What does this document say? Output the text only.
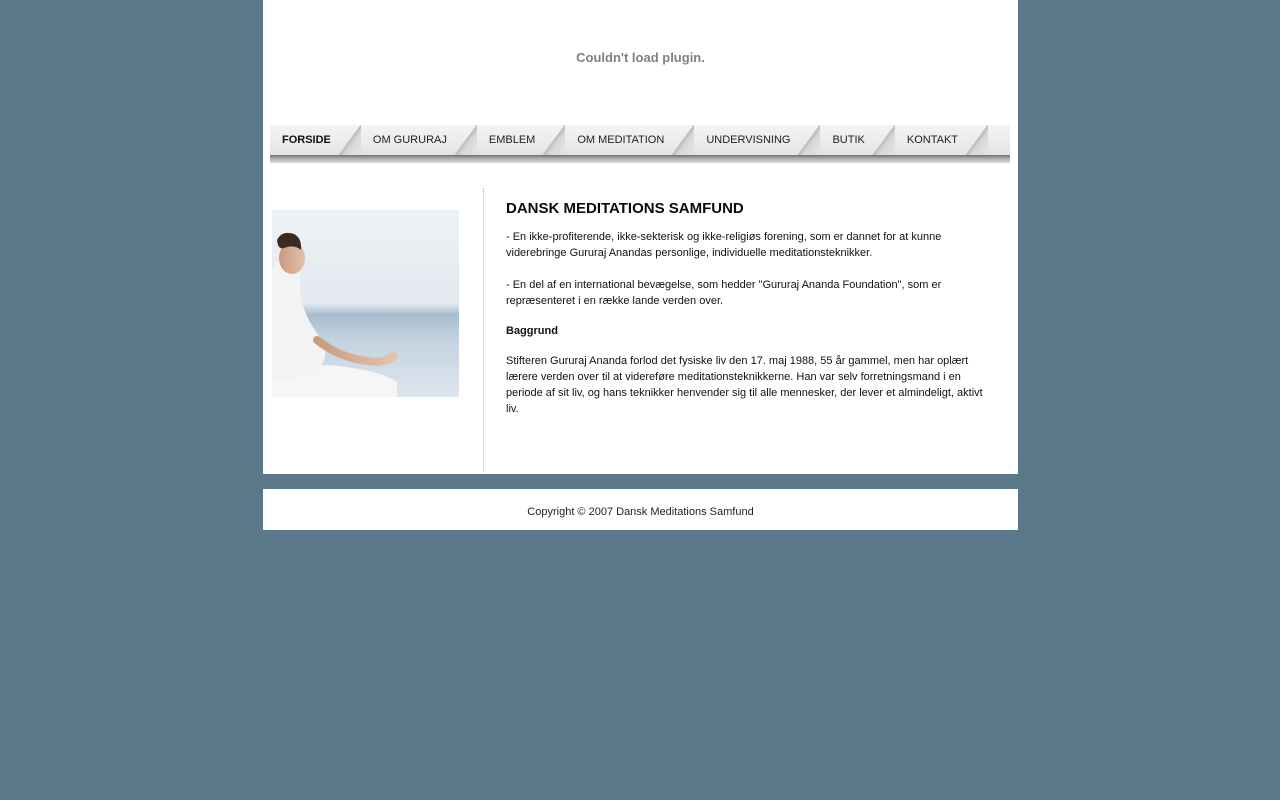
Couldn't load plugin.
FORSIDE	OM GURURAJ	EMBLEM	OM MEDITATION	UNDERVISNING	BUTIK	KONTAKT
DANSK MEDITATIONS SAMFUND

- En ikke-profiterende, ikke-sekterisk og ikke-religiøs forening, som er dannet for at kunne viderebringe Gururaj Anandas personlige, individuelle meditationsteknikker.

- En del af en international bevægelse, som hedder "Gururaj Ananda Foundation", som er repræsenteret i en række lande verden over.

Baggrund

Stifteren Gururaj Ananda forlod det fysiske liv den 17. maj 1988, 55 år gammel, men har oplært lærere verden over til at videreføre meditationsteknikkerne. Han var selv forretningsmand i en periode af sit liv, og hans teknikker henvender sig til alle mennesker, der lever et almindeligt, aktivt liv.

Copyright © 2007 Dansk Meditations Samfund
